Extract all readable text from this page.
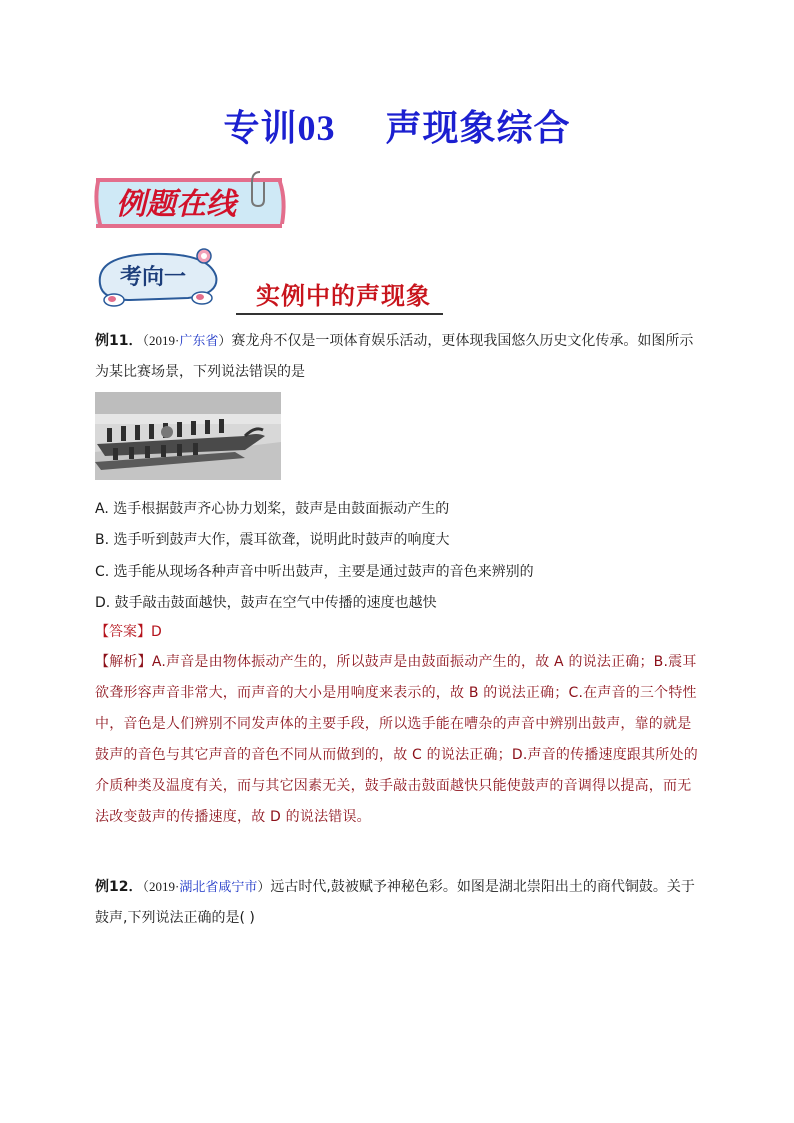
专训03 声现象综合
例题在线
考向一
实例中的声现象
例11．（2019·广东省）赛龙舟不仅是一项体育娱乐活动，更体现我国悠久历史文化传承。如图所示为某比赛场景，下列说法错误的是
A. 选手根据鼓声齐心协力划桨，鼓声是由鼓面振动产生的
B. 选手听到鼓声大作，震耳欲聋，说明此时鼓声的响度大
C. 选手能从现场各种声音中听出鼓声，主要是通过鼓声的音色来辨别的
D. 鼓手敲击鼓面越快，鼓声在空气中传播的速度也越快
【答案】D
【解析】A.声音是由物体振动产生的，所以鼓声是由鼓面振动产生的，故 A 的说法正确；B.震耳欲聋形容声音非常大，而声音的大小是用响度来表示的，故 B 的说法正确；C.在声音的三个特性中，音色是人们辨别不同发声体的主要手段，所以选手能在嘈杂的声音中辨别出鼓声，靠的就是鼓声的音色与其它声音的音色不同从而做到的，故 C 的说法正确；D.声音的传播速度跟其所处的介质种类及温度有关，而与其它因素无关，鼓手敲击鼓面越快只能使鼓声的音调得以提高，而无法改变鼓声的传播速度，故 D 的说法错误。
例12．（2019·湖北省咸宁市）远古时代,鼓被赋予神秘色彩。如图是湖北崇阳出土的商代铜鼓。关于鼓声,下列说法正确的是( )
